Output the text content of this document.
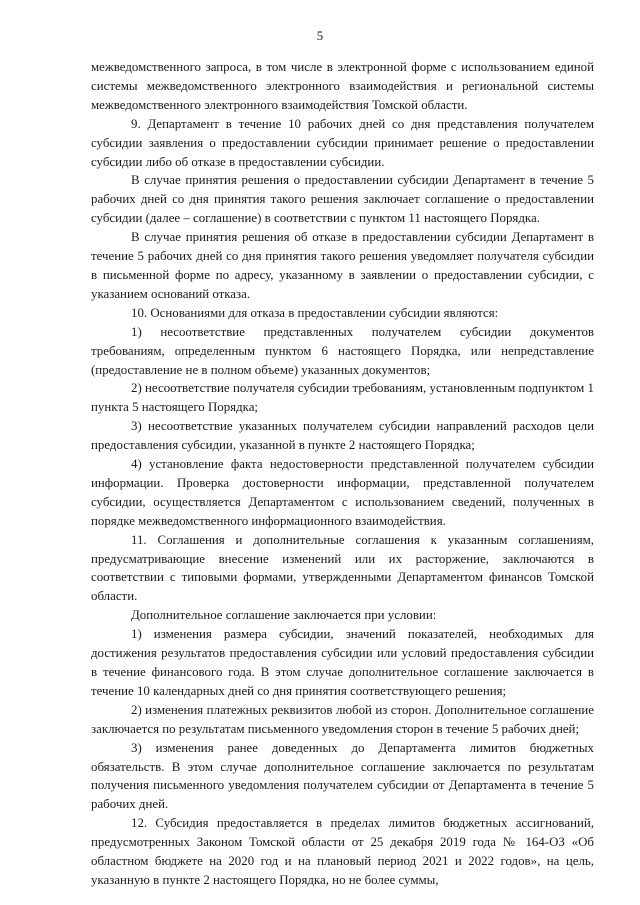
5

межведомственного запроса, в том числе в электронной форме с использованием единой системы межведомственного электронного взаимодействия и региональной системы межведомственного электронного взаимодействия Томской области.

9. Департамент в течение 10 рабочих дней со дня представления получателем субсидии заявления о предоставлении субсидии принимает решение о предоставлении субсидии либо об отказе в предоставлении субсидии.

В случае принятия решения о предоставлении субсидии Департамент в течение 5 рабочих дней со дня принятия такого решения заключает соглашение о предоставлении субсидии (далее – соглашение) в соответствии с пунктом 11 настоящего Порядка.

В случае принятия решения об отказе в предоставлении субсидии Департамент в течение 5 рабочих дней со дня принятия такого решения уведомляет получателя субсидии в письменной форме по адресу, указанному в заявлении о предоставлении субсидии, с указанием оснований отказа.

10. Основаниями для отказа в предоставлении субсидии являются:

1) несоответствие представленных получателем субсидии документов требованиям, определенным пунктом 6 настоящего Порядка, или непредставление (предоставление не в полном объеме) указанных документов;

2) несоответствие получателя субсидии требованиям, установленным подпунктом 1 пункта 5 настоящего Порядка;

3) несоответствие указанных получателем субсидии направлений расходов цели предоставления субсидии, указанной в пункте 2 настоящего Порядка;

4) установление факта недостоверности представленной получателем субсидии информации. Проверка достоверности информации, представленной получателем субсидии, осуществляется Департаментом с использованием сведений, полученных в порядке межведомственного информационного взаимодействия.

11. Соглашения и дополнительные соглашения к указанным соглашениям, предусматривающие внесение изменений или их расторжение, заключаются в соответствии с типовыми формами, утвержденными Департаментом финансов Томской области.

Дополнительное соглашение заключается при условии:

1) изменения размера субсидии, значений показателей, необходимых для достижения результатов предоставления субсидии или условий предоставления субсидии в течение финансового года. В этом случае дополнительное соглашение заключается в течение 10 календарных дней со дня принятия соответствующего решения;

2) изменения платежных реквизитов любой из сторон. Дополнительное соглашение заключается по результатам письменного уведомления сторон в течение 5 рабочих дней;

3) изменения ранее доведенных до Департамента лимитов бюджетных обязательств. В этом случае дополнительное соглашение заключается по результатам получения письменного уведомления получателем субсидии от Департамента в течение 5 рабочих дней.

12. Субсидия предоставляется в пределах лимитов бюджетных ассигнований, предусмотренных Законом Томской области от 25 декабря 2019 года № 164-ОЗ «Об областном бюджете на 2020 год и на плановый период 2021 и 2022 годов», на цель, указанную в пункте 2 настоящего Порядка, но не более суммы,
